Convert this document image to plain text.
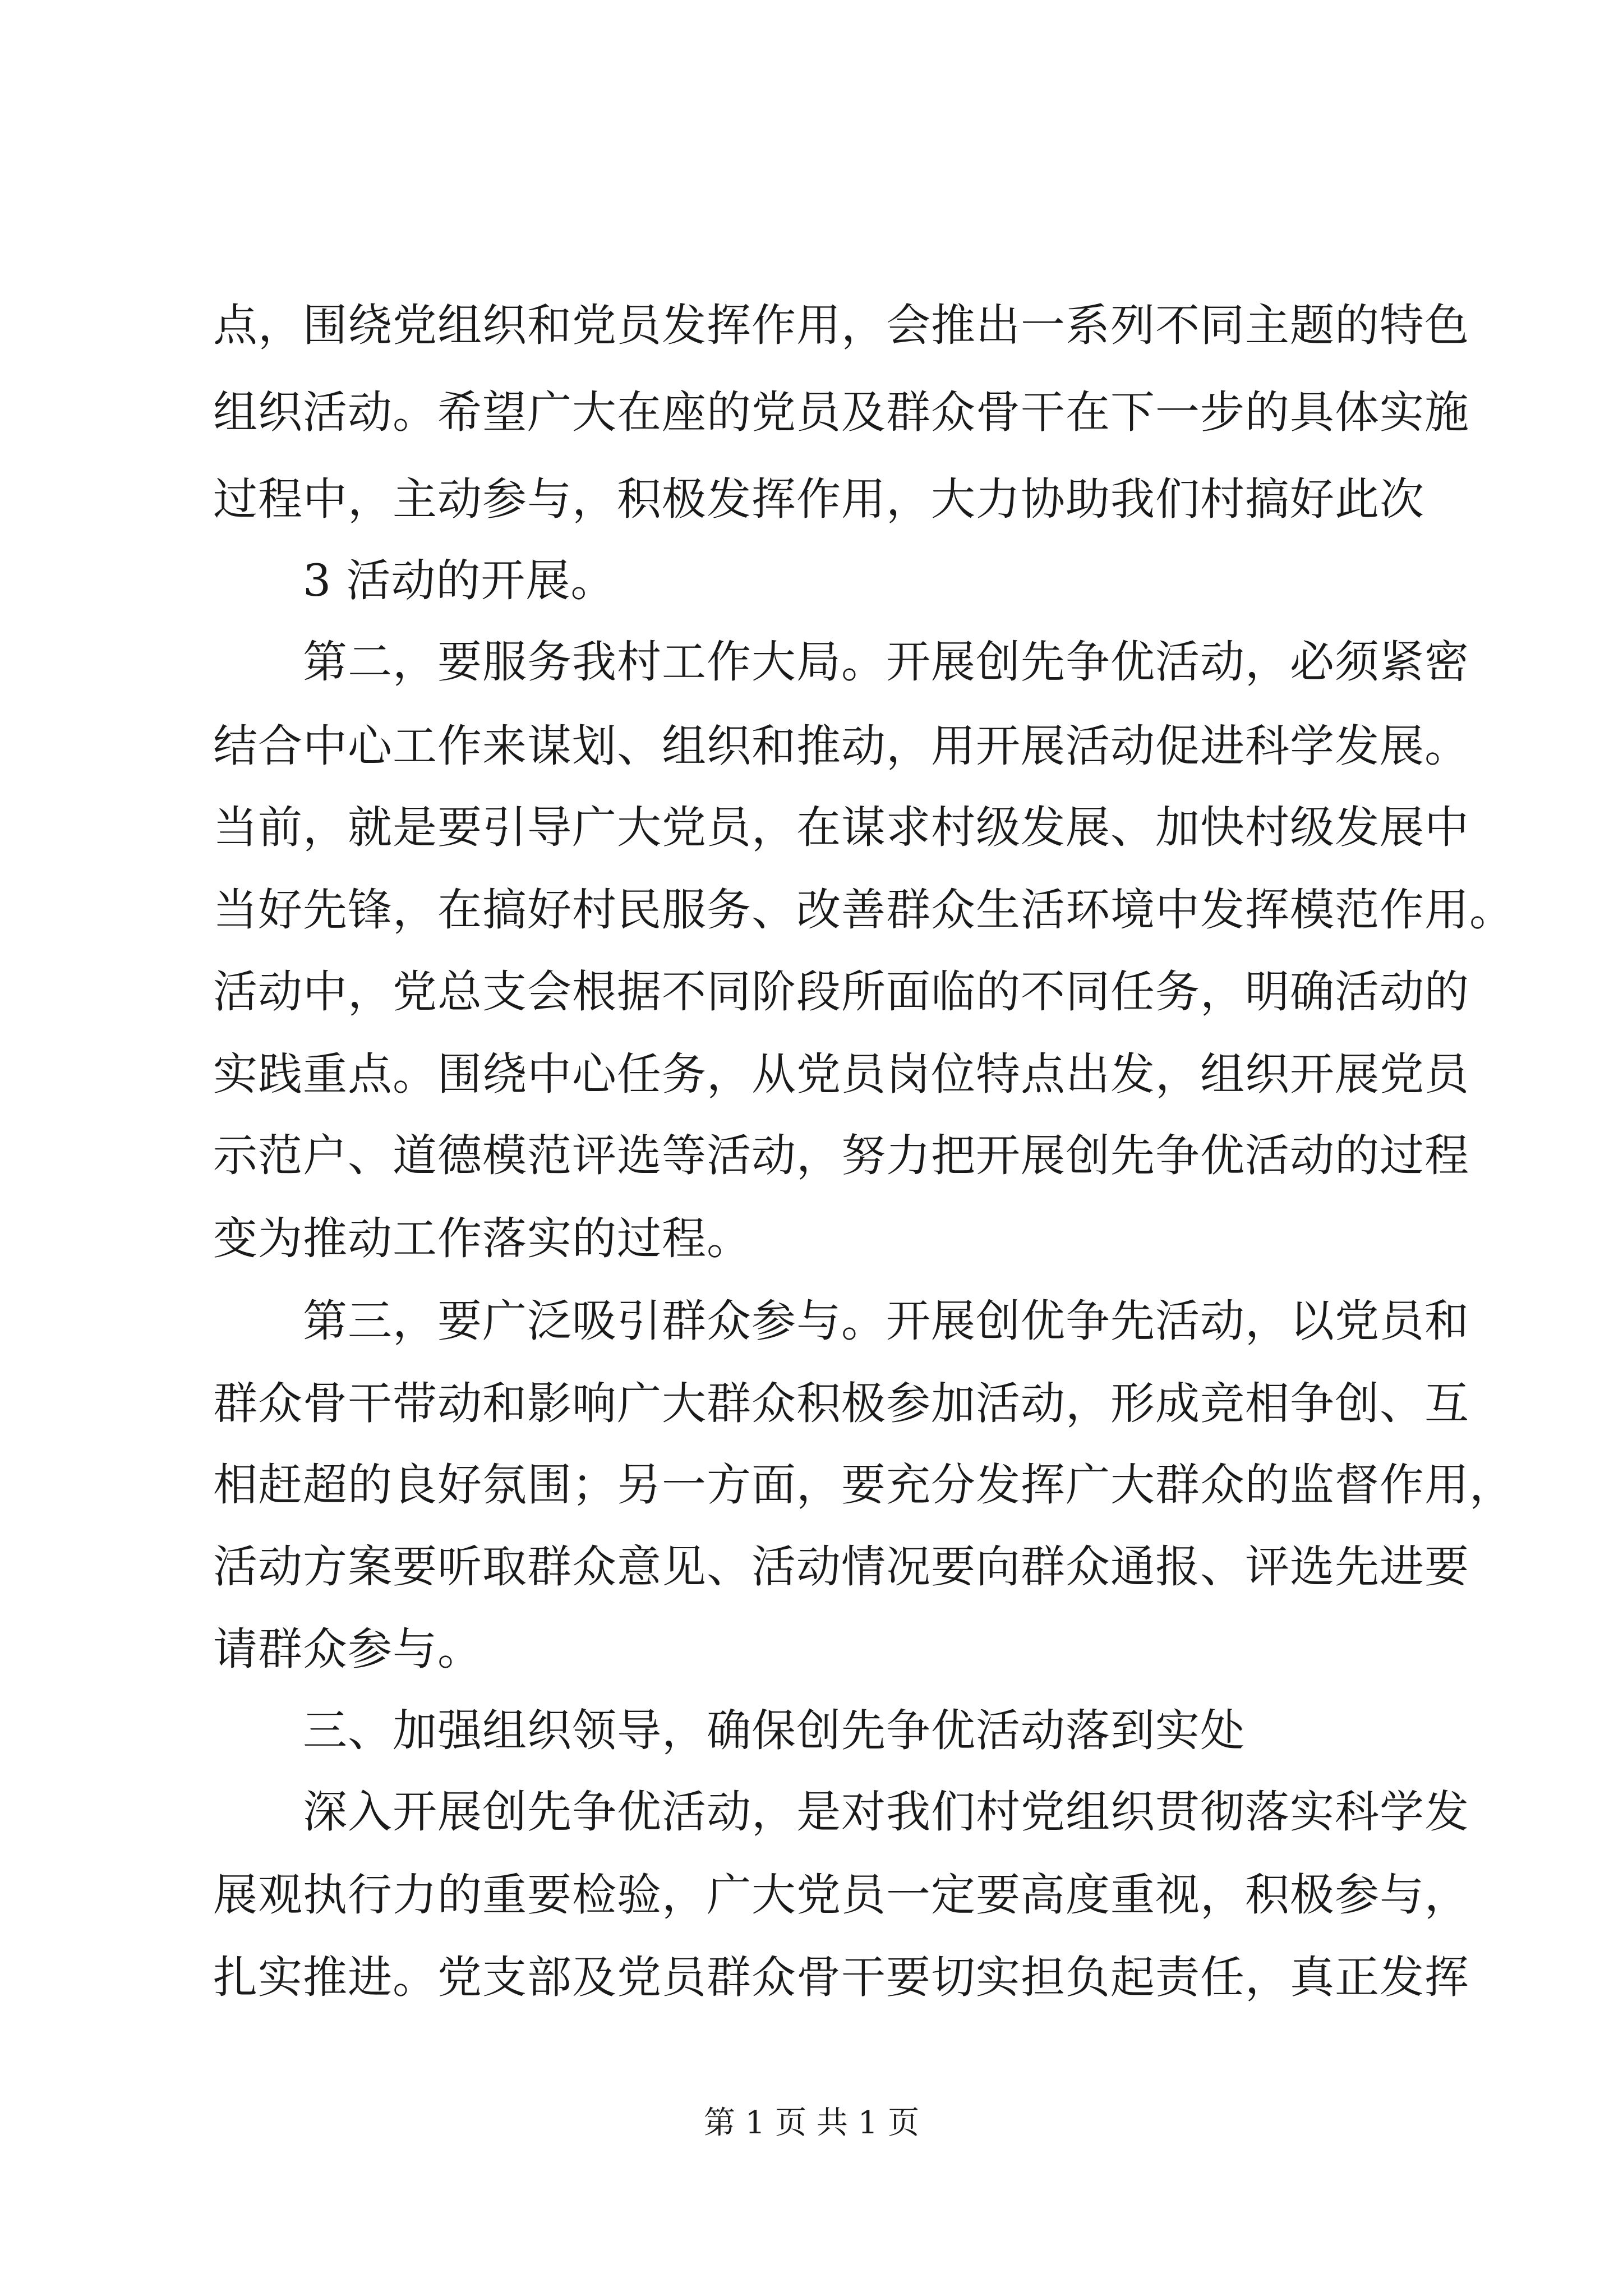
点，围绕党组织和党员发挥作用，会推出一系列不同主题的特色
组织活动。希望广大在座的党员及群众骨干在下一步的具体实施
过程中，主动参与，积极发挥作用，大力协助我们村搞好此次
3 活动的开展。
第二，要服务我村工作大局。开展创先争优活动，必须紧密
结合中心工作来谋划、组织和推动，用开展活动促进科学发展。
当前，就是要引导广大党员，在谋求村级发展、加快村级发展中
当好先锋，在搞好村民服务、改善群众生活环境中发挥模范作用。
活动中，党总支会根据不同阶段所面临的不同任务，明确活动的
实践重点。围绕中心任务，从党员岗位特点出发，组织开展党员
示范户、道德模范评选等活动，努力把开展创先争优活动的过程
变为推动工作落实的过程。
第三，要广泛吸引群众参与。开展创优争先活动，以党员和
群众骨干带动和影响广大群众积极参加活动，形成竞相争创、互
相赶超的良好氛围；另一方面，要充分发挥广大群众的监督作用，
活动方案要听取群众意见、活动情况要向群众通报、评选先进要
请群众参与。
三、加强组织领导，确保创先争优活动落到实处
深入开展创先争优活动，是对我们村党组织贯彻落实科学发
展观执行力的重要检验，广大党员一定要高度重视，积极参与，
扎实推进。党支部及党员群众骨干要切实担负起责任，真正发挥
第 1 页 共 1 页
